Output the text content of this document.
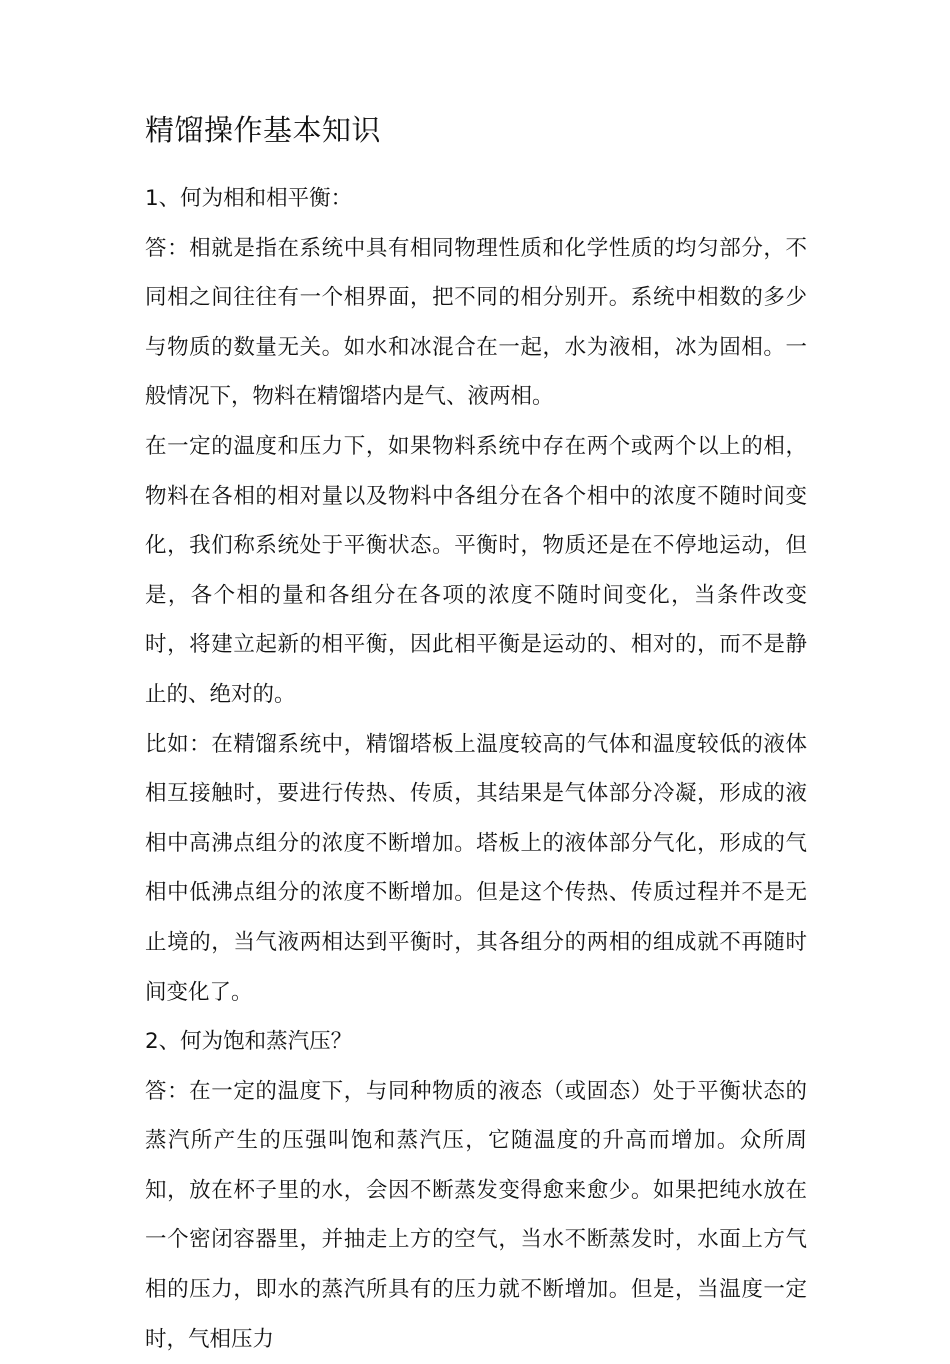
精馏操作基本知识

1、何为相和相平衡：

答：相就是指在系统中具有相同物理性质和化学性质的均匀部分，不同相之间往往有一个相界面，把不同的相分别开。系统中相数的多少与物质的数量无关。如水和冰混合在一起，水为液相，冰为固相。一般情况下，物料在精馏塔内是气、液两相。

在一定的温度和压力下，如果物料系统中存在两个或两个以上的相，物料在各相的相对量以及物料中各组分在各个相中的浓度不随时间变化，我们称系统处于平衡状态。平衡时，物质还是在不停地运动，但是，各个相的量和各组分在各项的浓度不随时间变化，当条件改变时，将建立起新的相平衡，因此相平衡是运动的、相对的，而不是静止的、绝对的。

比如：在精馏系统中，精馏塔板上温度较高的气体和温度较低的液体相互接触时，要进行传热、传质，其结果是气体部分冷凝，形成的液相中高沸点组分的浓度不断增加。塔板上的液体部分气化，形成的气相中低沸点组分的浓度不断增加。但是这个传热、传质过程并不是无止境的，当气液两相达到平衡时，其各组分的两相的组成就不再随时间变化了。

2、何为饱和蒸汽压？

答：在一定的温度下，与同种物质的液态（或固态）处于平衡状态的蒸汽所产生的压强叫饱和蒸汽压，它随温度的升高而增加。众所周知，放在杯子里的水，会因不断蒸发变得愈来愈少。如果把纯水放在一个密闭容器里，并抽走上方的空气，当水不断蒸发时，水面上方气相的压力，即水的蒸汽所具有的压力就不断增加。但是，当温度一定时，气相压力
